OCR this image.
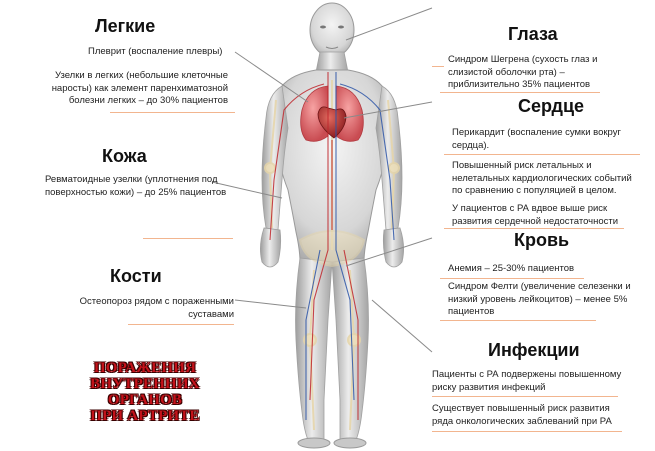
Легкие
Плеврит (воспаление плевры)
Узелки в легких (небольшие клеточные наросты) как элемент паренхиматозной болезни легких – до 30% пациентов
Кожа
Ревматоидные узелки (уплотнения под поверхностью кожи) – до 25% пациентов
Кости
Остеопороз рядом с пораженными суставами
Глаза
Синдром Шегрена (сухость глаз и слизистой оболочки рта) – приблизительно 35% пациентов
Сердце
Перикардит (воспаление сумки вокруг сердца).
Повышенный риск летальных и нелетальных кардиологических событий по сравнению с популяцией в целом.
У пациентов с РА вдвое выше риск развития сердечной недостаточности
Кровь
Анемия – 25-30% пациентов
Синдром Фелти (увеличение селезенки и низкий уровень лейкоцитов) – менее 5% пациентов
Инфекции
Пациенты с РА подвержены повышенному риску развития инфекций
Существует повышенный риск развития ряда онкологических заблеваний при РА
ПОРАЖЕНИЯ
ВНУТРЕННИХ ОРГАНОВ
ПРИ АРТРИТЕ
